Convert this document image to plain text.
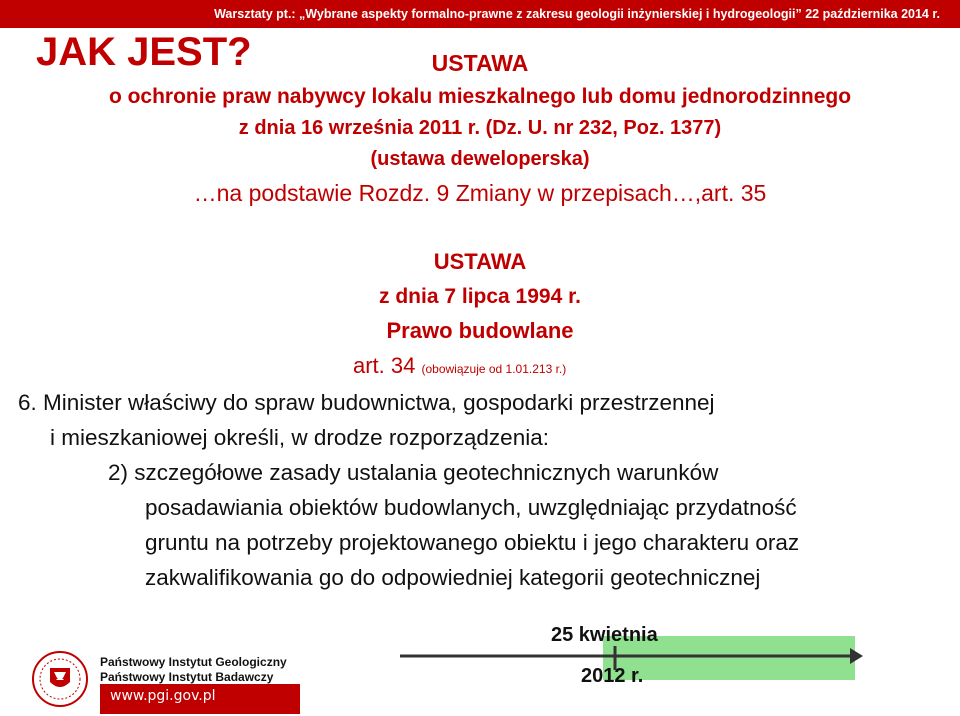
Warsztaty pt.: „Wybrane aspekty formalno-prawne z zakresu geologii inżynierskiej i hydrogeologii” 22 października 2014 r.
JAK JEST?	USTAWA
o ochronie praw nabywcy lokalu mieszkalnego lub domu jednorodzinnego
z dnia 16 września 2011 r. (Dz. U. nr 232, Poz. 1377)
(ustawa deweloperska)
…na podstawie Rozdz. 9 Zmiany w przepisach…,art. 35
USTAWA
z dnia 7 lipca 1994 r.
Prawo budowlane
art. 34 (obowiązuje od 1.01.213 r.)
6. Minister właściwy do spraw budownictwa, gospodarki przestrzennej
i mieszkaniowej określi, w drodze rozporządzenia:
2) szczegółowe zasady ustalania geotechnicznych warunków
posadawiania obiektów budowlanych, uwzględniając przydatność
gruntu na potrzeby projektowanego obiektu i jego charakteru oraz
zakwalifikowania go do odpowiedniej kategorii geotechnicznej
Państwowy Instytut Geologiczny
Państwowy Instytut Badawczy
www.pgi.gov.pl
25 kwietnia
2012 r.
